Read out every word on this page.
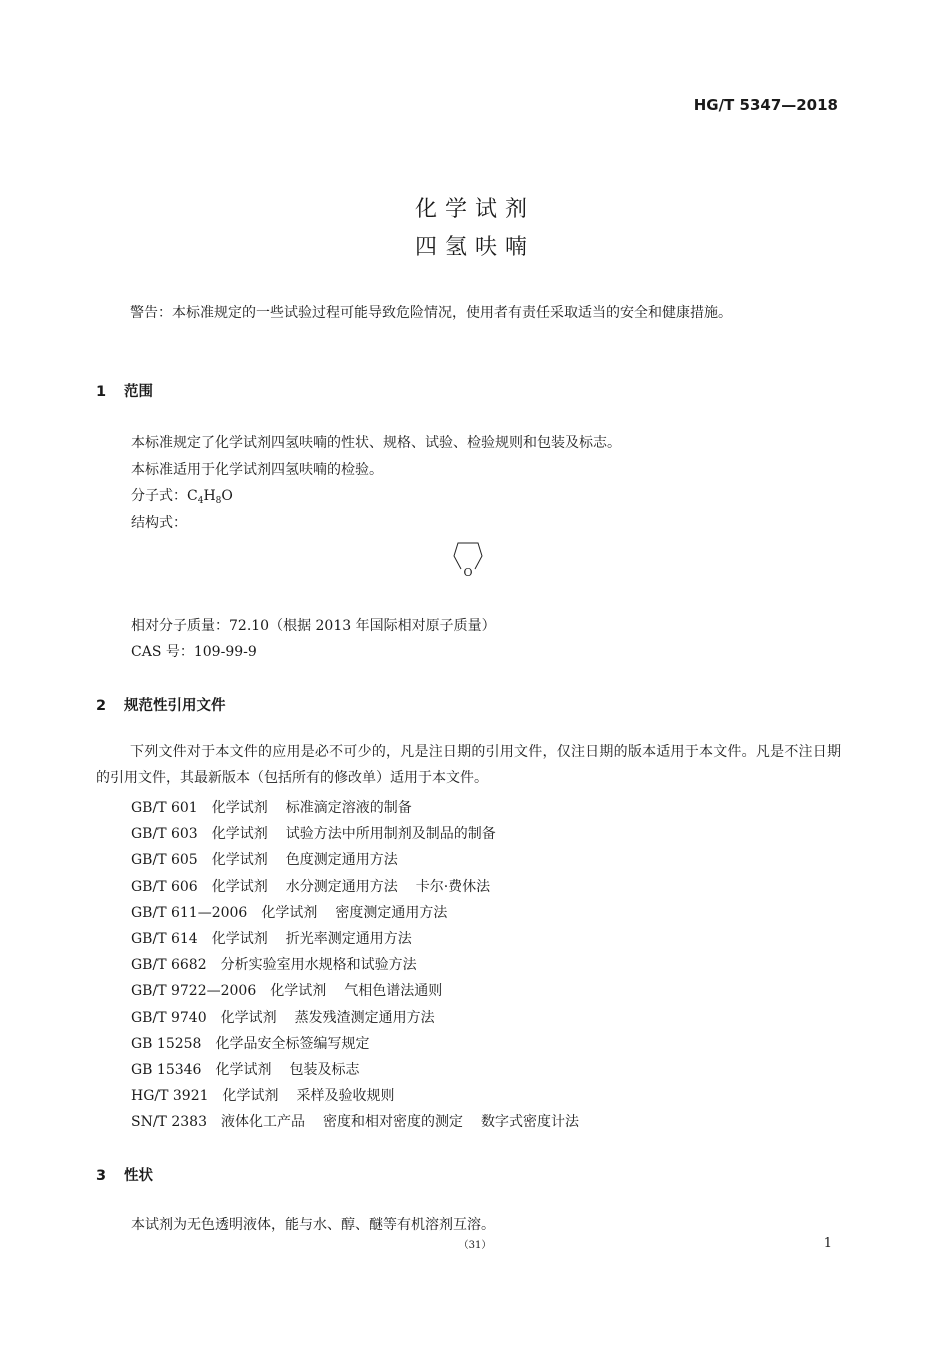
HG/T 5347—2018
化学试剂
四氢呋喃
警告：本标准规定的一些试验过程可能导致危险情况，使用者有责任采取适当的安全和健康措施。
1 范围
本标准规定了化学试剂四氢呋喃的性状、规格、试验、检验规则和包装及标志。
本标准适用于化学试剂四氢呋喃的检验。
分子式：$C_4H_8O$
结构式：
O
相对分子质量：72.10（根据 2013 年国际相对原子质量）
CAS 号：109-99-9
2 规范性引用文件
下列文件对于本文件的应用是必不可少的，凡是注日期的引用文件，仅注日期的版本适用于本文件。凡是不注日期的引用文件，其最新版本（包括所有的修改单）适用于本文件。
GB/T 601 化学试剂 标准滴定溶液的制备
GB/T 603 化学试剂 试验方法中所用制剂及制品的制备
GB/T 605 化学试剂 色度测定通用方法
GB/T 606 化学试剂 水分测定通用方法 卡尔·费休法
GB/T 611—2006 化学试剂 密度测定通用方法
GB/T 614 化学试剂 折光率测定通用方法
GB/T 6682 分析实验室用水规格和试验方法
GB/T 9722—2006 化学试剂 气相色谱法通则
GB/T 9740 化学试剂 蒸发残渣测定通用方法
GB 15258 化学品安全标签编写规定
GB 15346 化学试剂 包装及标志
HG/T 3921 化学试剂 采样及验收规则
SN/T 2383 液体化工产品 密度和相对密度的测定 数字式密度计法
3 性状
本试剂为无色透明液体，能与水、醇、醚等有机溶剂互溶。
（31）	1
